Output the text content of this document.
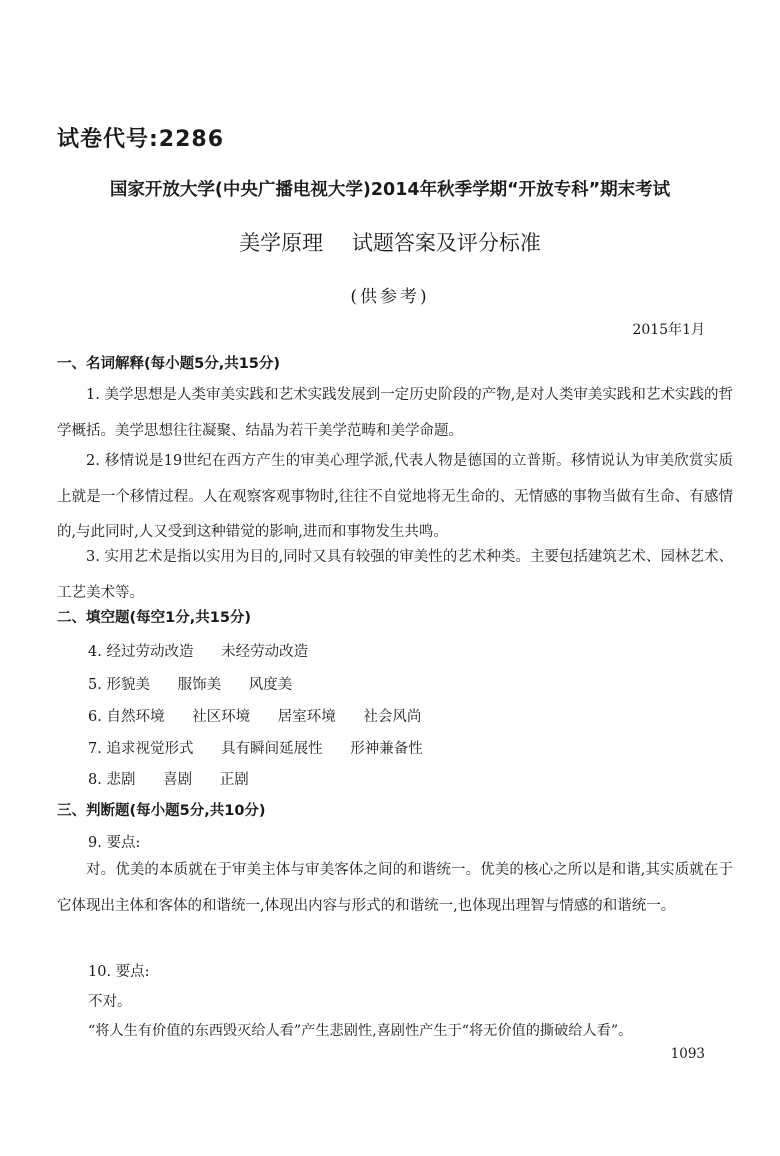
试卷代号:2286
国家开放大学(中央广播电视大学)2014年秋季学期“开放专科”期末考试
美学原理 试题答案及评分标准
(供参考)
2015年1月
一、名词解释(每小题5分,共15分)
1. 美学思想是人类审美实践和艺术实践发展到一定历史阶段的产物,是对人类审美实践和艺术实践的哲学概括。美学思想往往凝聚、结晶为若干美学范畴和美学命题。
2. 移情说是19世纪在西方产生的审美心理学派,代表人物是德国的立普斯。移情说认为审美欣赏实质上就是一个移情过程。人在观察客观事物时,往往不自觉地将无生命的、无情感的事物当做有生命、有感情的,与此同时,人又受到这种错觉的影响,进而和事物发生共鸣。
3. 实用艺术是指以实用为目的,同时又具有较强的审美性的艺术种类。主要包括建筑艺术、园林艺术、工艺美术等。
二、填空题(每空1分,共15分)
4. 经过劳动改造      未经劳动改造
5. 形貌美      服饰美      风度美
6. 自然环境      社区环境      居室环境      社会风尚
7. 追求视觉形式      具有瞬间延展性      形神兼备性
8. 悲剧      喜剧      正剧
三、判断题(每小题5分,共10分)
9. 要点:
对。优美的本质就在于审美主体与审美客体之间的和谐统一。优美的核心之所以是和谐,其实质就在于它体现出主体和客体的和谐统一,体现出内容与形式的和谐统一,也体现出理智与情感的和谐统一。
10. 要点:
不对。
“将人生有价值的东西毁灭给人看”产生悲剧性,喜剧性产生于“将无价值的撕破给人看”。
1093
